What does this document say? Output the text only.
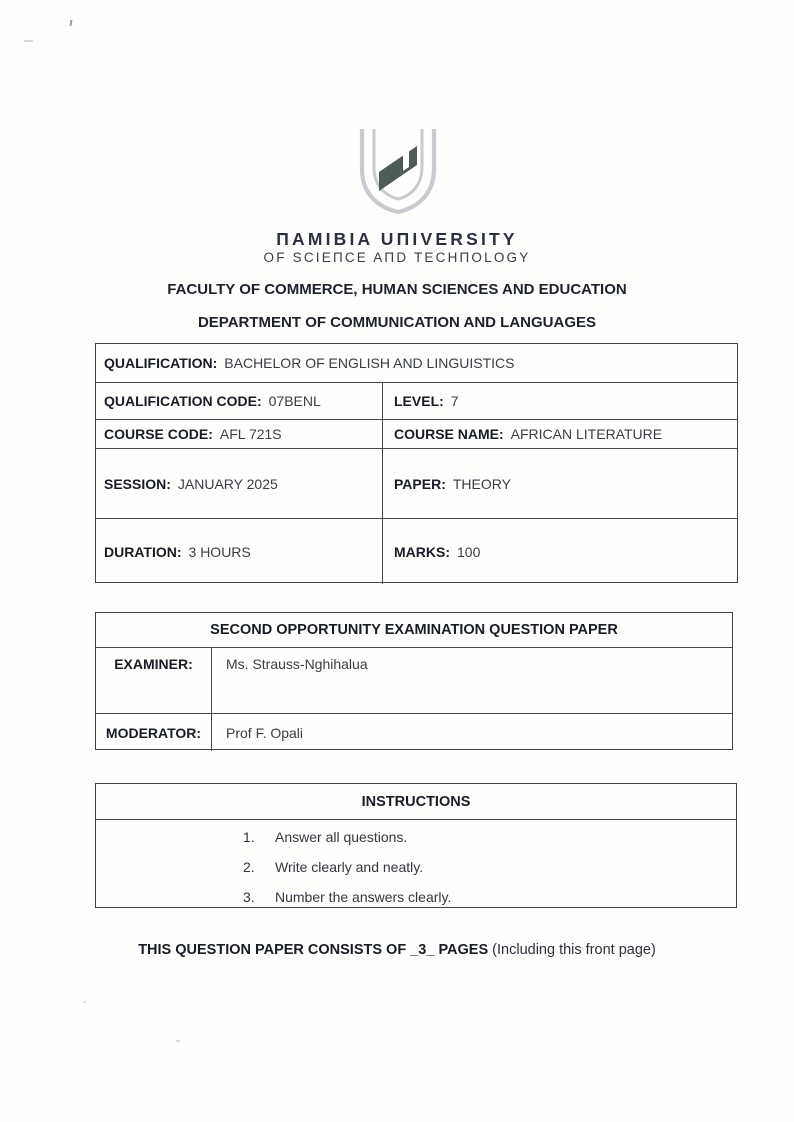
ПAMIBIA UПIVERSITY
OF SCIEПCE AПD TECHПOLOGY
FACULTY OF COMMERCE, HUMAN SCIENCES AND EDUCATION
DEPARTMENT OF COMMUNICATION AND LANGUAGES
QUALIFICATION: BACHELOR OF ENGLISH AND LINGUISTICS
QUALIFICATION CODE: 07BENL	LEVEL: 7
COURSE CODE: AFL 721S	COURSE NAME: AFRICAN LITERATURE
SESSION: JANUARY 2025	PAPER: THEORY
DURATION: 3 HOURS	MARKS: 100
SECOND OPPORTUNITY EXAMINATION QUESTION PAPER
EXAMINER:	Ms. Strauss-Nghihalua
MODERATOR:	Prof F. Opali
INSTRUCTIONS
1.	Answer all questions.
2.	Write clearly and neatly.
3.	Number the answers clearly.
THIS QUESTION PAPER CONSISTS OF _3_ PAGES (Including this front page)
